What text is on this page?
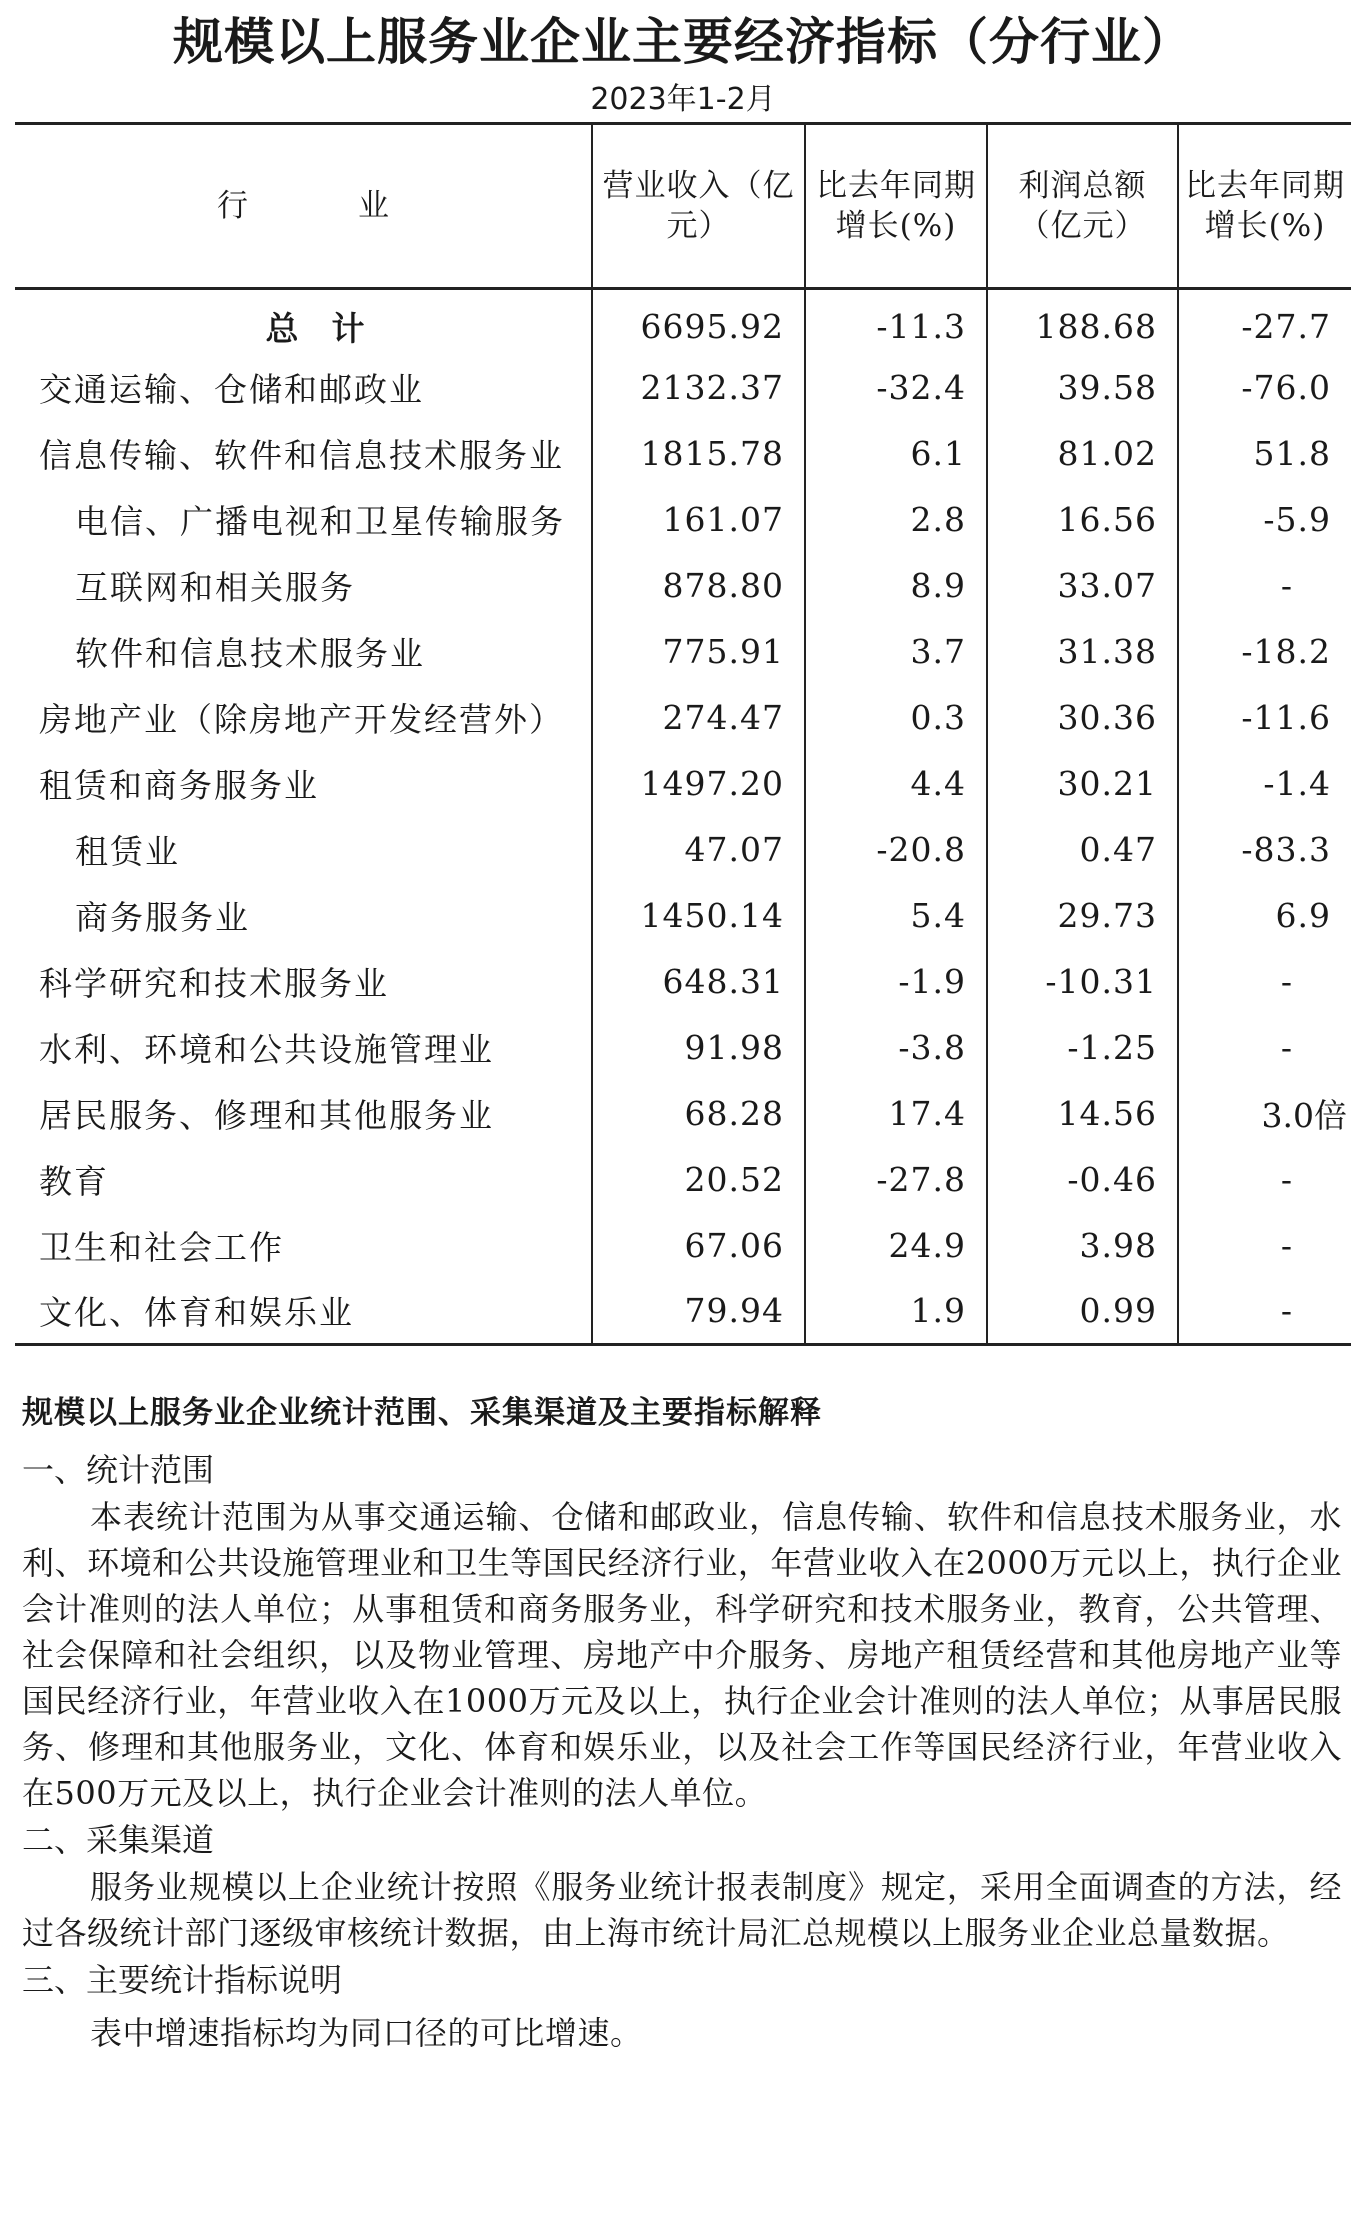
规模以上服务业企业主要经济指标（分行业）
2023年1-2月
行 业	营业收入（亿元）	比去年同期增长(%)	利润总额（亿元）	比去年同期增长(%)
总　计	6695.92	-11.3	188.68	-27.7
交通运输、仓储和邮政业	2132.37	-32.4	39.58	-76.0
信息传输、软件和信息技术服务业	1815.78	6.1	81.02	51.8
电信、广播电视和卫星传输服务	161.07	2.8	16.56	-5.9
互联网和相关服务	878.80	8.9	33.07	-
软件和信息技术服务业	775.91	3.7	31.38	-18.2
房地产业（除房地产开发经营外）	274.47	0.3	30.36	-11.6
租赁和商务服务业	1497.20	4.4	30.21	-1.4
租赁业	47.07	-20.8	0.47	-83.3
商务服务业	1450.14	5.4	29.73	6.9
科学研究和技术服务业	648.31	-1.9	-10.31	-
水利、环境和公共设施管理业	91.98	-3.8	-1.25	-
居民服务、修理和其他服务业	68.28	17.4	14.56	3.0倍
教育	20.52	-27.8	-0.46	-
卫生和社会工作	67.06	24.9	3.98	-
文化、体育和娱乐业	79.94	1.9	0.99	-

规模以上服务业企业统计范围、采集渠道及主要指标解释

一、统计范围

本表统计范围为从事交通运输、仓储和邮政业，信息传输、软件和信息技术服务业，水利、环境和公共设施管理业和卫生等国民经济行业，年营业收入在2000万元以上，执行企业会计准则的法人单位；从事租赁和商务服务业，科学研究和技术服务业，教育，公共管理、社会保障和社会组织，以及物业管理、房地产中介服务、房地产租赁经营和其他房地产业等国民经济行业，年营业收入在1000万元及以上，执行企业会计准则的法人单位；从事居民服务、修理和其他服务业，文化、体育和娱乐业，以及社会工作等国民经济行业，年营业收入在500万元及以上，执行企业会计准则的法人单位。

二、采集渠道

服务业规模以上企业统计按照《服务业统计报表制度》规定，采用全面调查的方法，经过各级统计部门逐级审核统计数据，由上海市统计局汇总规模以上服务业企业总量数据。

三、主要统计指标说明

表中增速指标均为同口径的可比增速。
